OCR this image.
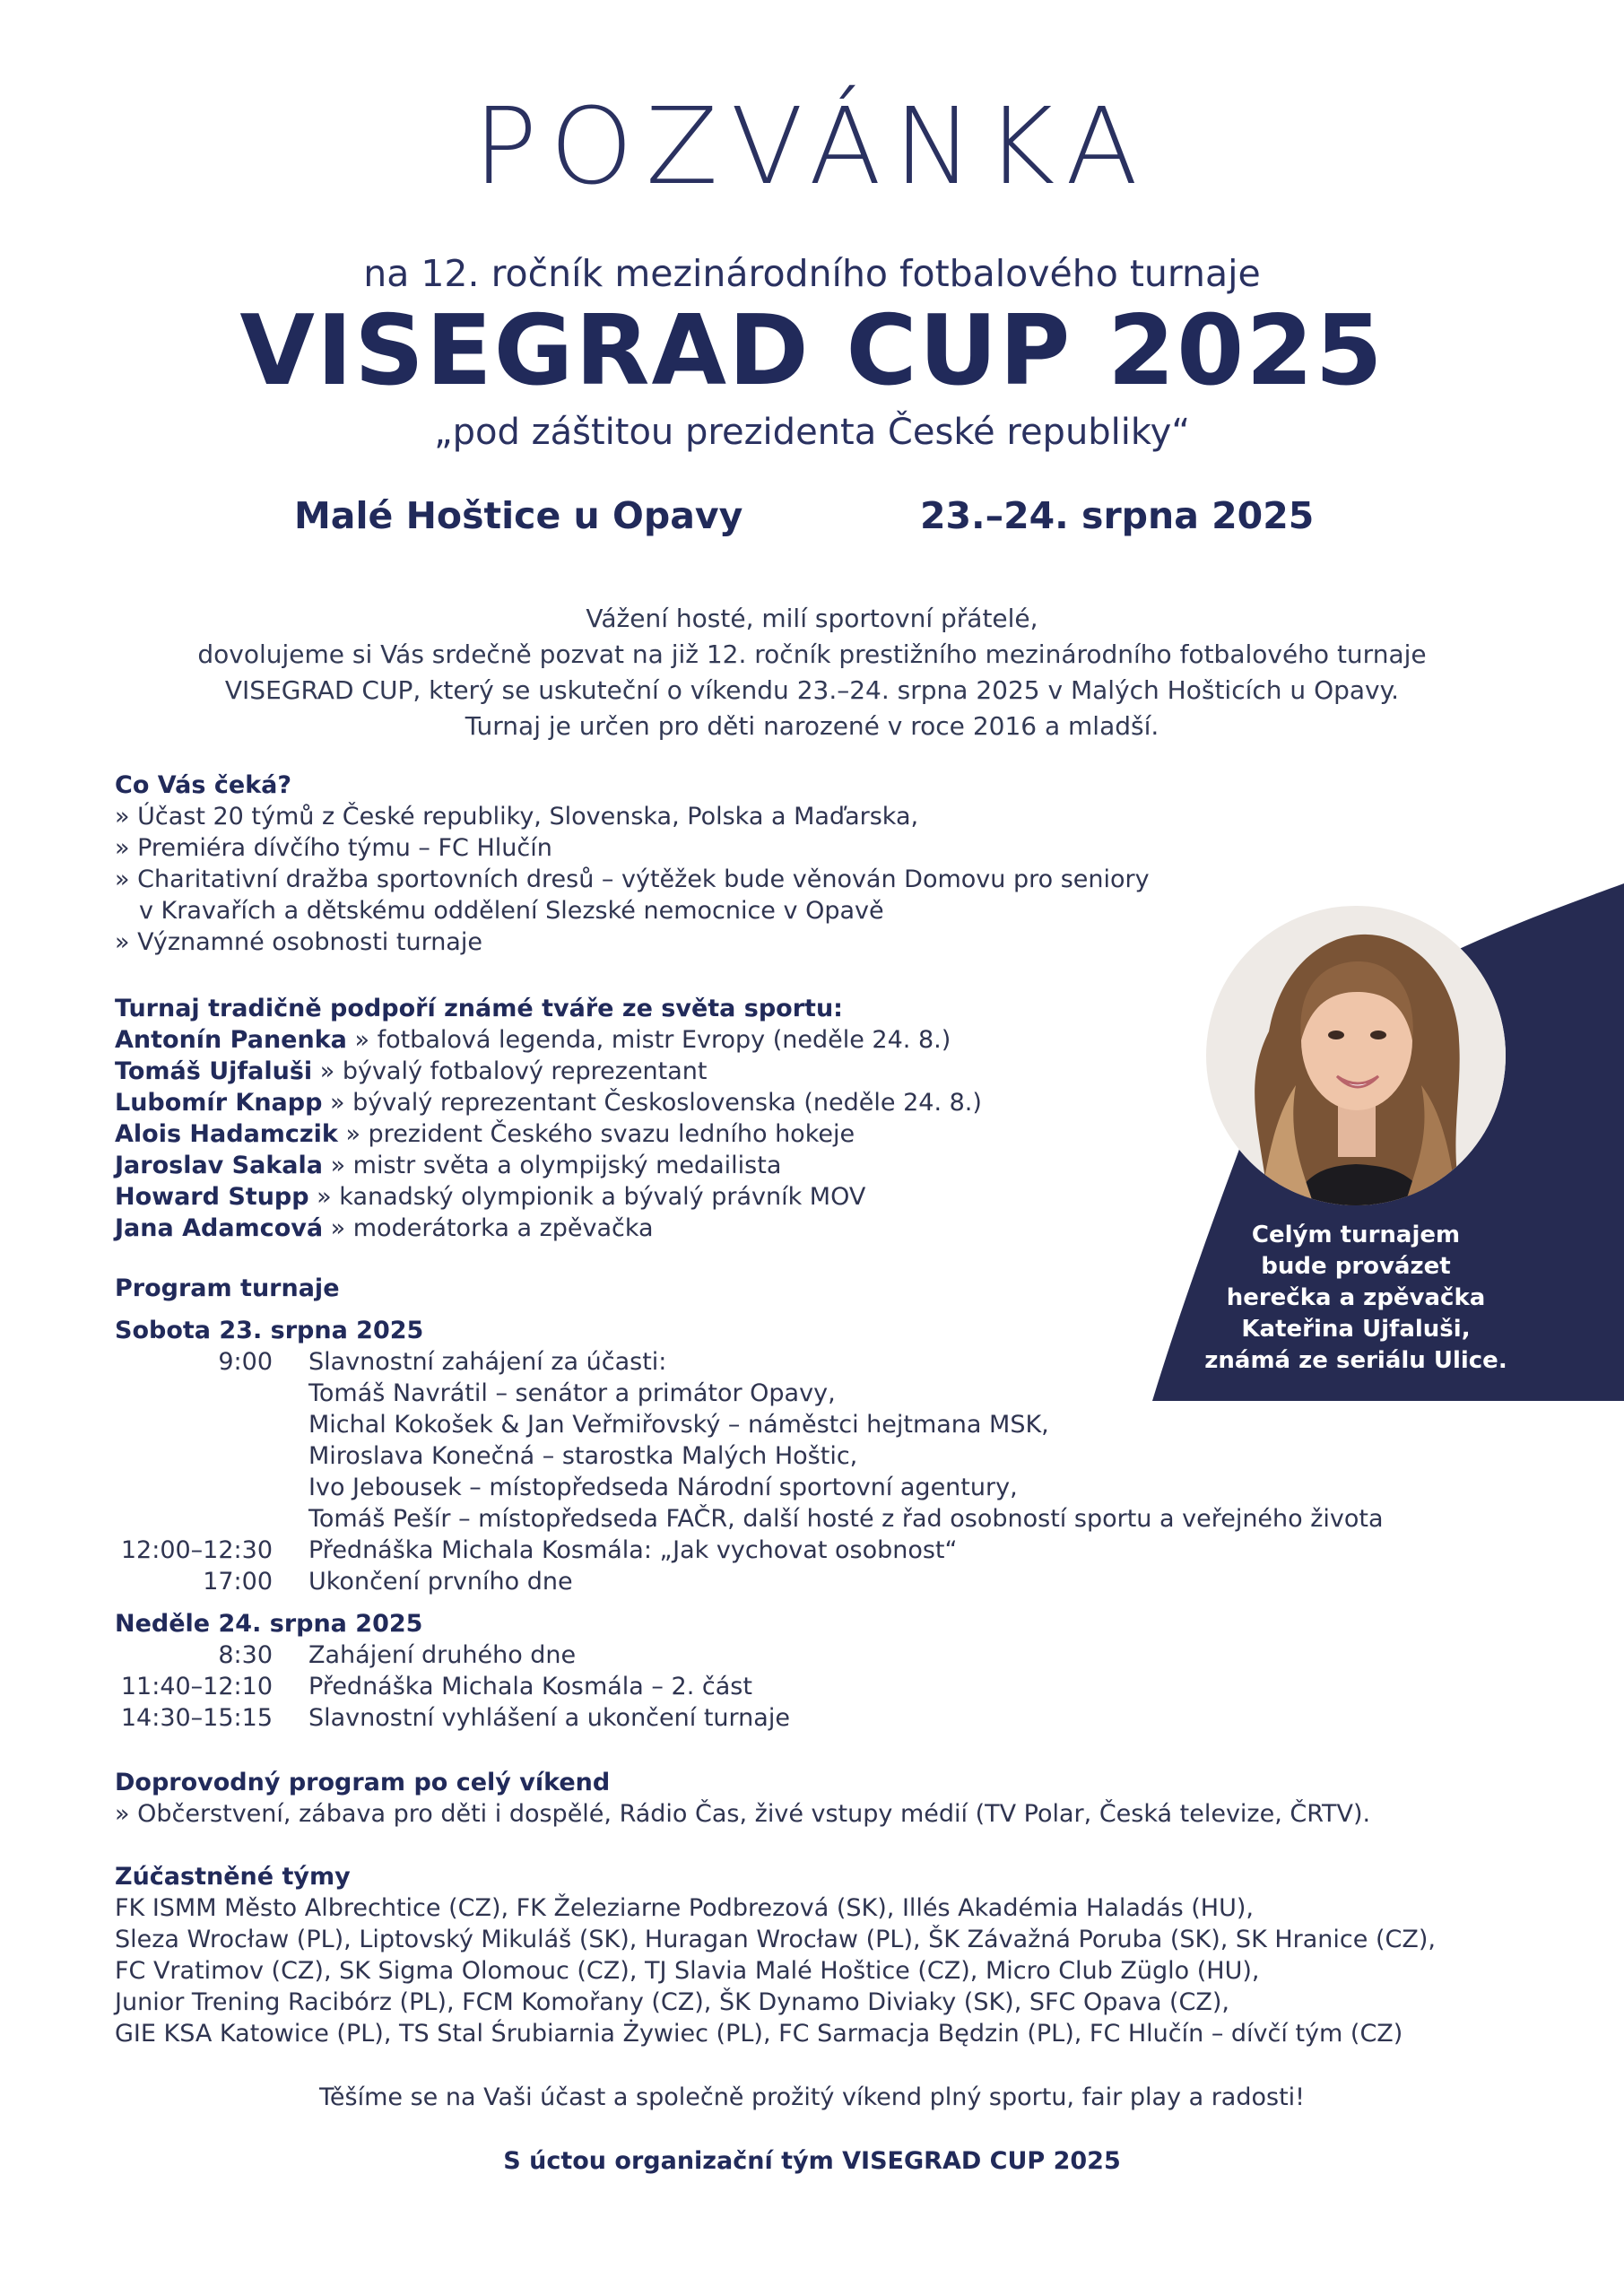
Celým turnajem
bude provázet
herečka a zpěvačka
Kateřina Ujfaluši,
známá ze seriálu Ulice.
POZVÁNKA
na 12. ročník mezinárodního fotbalového turnaje
VISEGRAD CUP 2025
„pod záštitou prezidenta České republiky“
Malé Hoštice u Opavy	23.–24. srpna 2025
Vážení hosté, milí sportovní přátelé,
dovolujeme si Vás srdečně pozvat na již 12. ročník prestižního mezinárodního fotbalového turnaje
VISEGRAD CUP, který se uskuteční o víkendu 23.–24. srpna 2025 v Malých Hošticích u Opavy.
Turnaj je určen pro děti narozené v roce 2016 a mladší.
Co Vás čeká?
» Účast 20 týmů z České republiky, Slovenska, Polska a Maďarska,
» Premiéra dívčího týmu – FC Hlučín
» Charitativní dražba sportovních dresů – výtěžek bude věnován Domovu pro seniory
v Kravařích a dětskému oddělení Slezské nemocnice v Opavě
» Významné osobnosti turnaje
Turnaj tradičně podpoří známé tváře ze světa sportu:
Antonín Panenka » fotbalová legenda, mistr Evropy (neděle 24. 8.)
Tomáš Ujfaluši » bývalý fotbalový reprezentant
Lubomír Knapp » bývalý reprezentant Československa (neděle 24. 8.)
Alois Hadamczik » prezident Českého svazu ledního hokeje
Jaroslav Sakala » mistr světa a olympijský medailista
Howard Stupp » kanadský olympionik a bývalý právník MOV
Jana Adamcová » moderátorka a zpěvačka
Program turnaje
Sobota 23. srpna 2025
9:00	Slavnostní zahájení za účasti:
Tomáš Navrátil – senátor a primátor Opavy,
Michal Kokošek & Jan Veřmiřovský – náměstci hejtmana MSK,
Miroslava Konečná – starostka Malých Hoštic,
Ivo Jebousek – místopředseda Národní sportovní agentury,
Tomáš Pešír – místopředseda FAČR, další hosté z řad osobností sportu a veřejného života
12:00–12:30	Přednáška Michala Kosmála: „Jak vychovat osobnost“
17:00	Ukončení prvního dne
Neděle 24. srpna 2025
8:30	Zahájení druhého dne
11:40–12:10	Přednáška Michala Kosmála – 2. část
14:30–15:15	Slavnostní vyhlášení a ukončení turnaje
Doprovodný program po celý víkend
» Občerstvení, zábava pro děti i dospělé, Rádio Čas, živé vstupy médií (TV Polar, Česká televize, ČRTV).
Zúčastněné týmy
FK ISMM Město Albrechtice (CZ), FK Železiarne Podbrezová (SK), Illés Akadémia Haladás (HU),
Sleza Wrocław (PL), Liptovský Mikuláš (SK), Huragan Wrocław (PL), ŠK Závažná Poruba (SK), SK Hranice (CZ),
FC Vratimov (CZ), SK Sigma Olomouc (CZ), TJ Slavia Malé Hoštice (CZ), Micro Club Züglo (HU),
Junior Trening Racibórz (PL), FCM Komořany (CZ), ŠK Dynamo Diviaky (SK), SFC Opava (CZ),
GIE KSA Katowice (PL), TS Stal Śrubiarnia Żywiec (PL), FC Sarmacja Będzin (PL), FC Hlučín – dívčí tým (CZ)
Těšíme se na Vaši účast a společně prožitý víkend plný sportu, fair play a radosti!
S úctou organizační tým VISEGRAD CUP 2025
